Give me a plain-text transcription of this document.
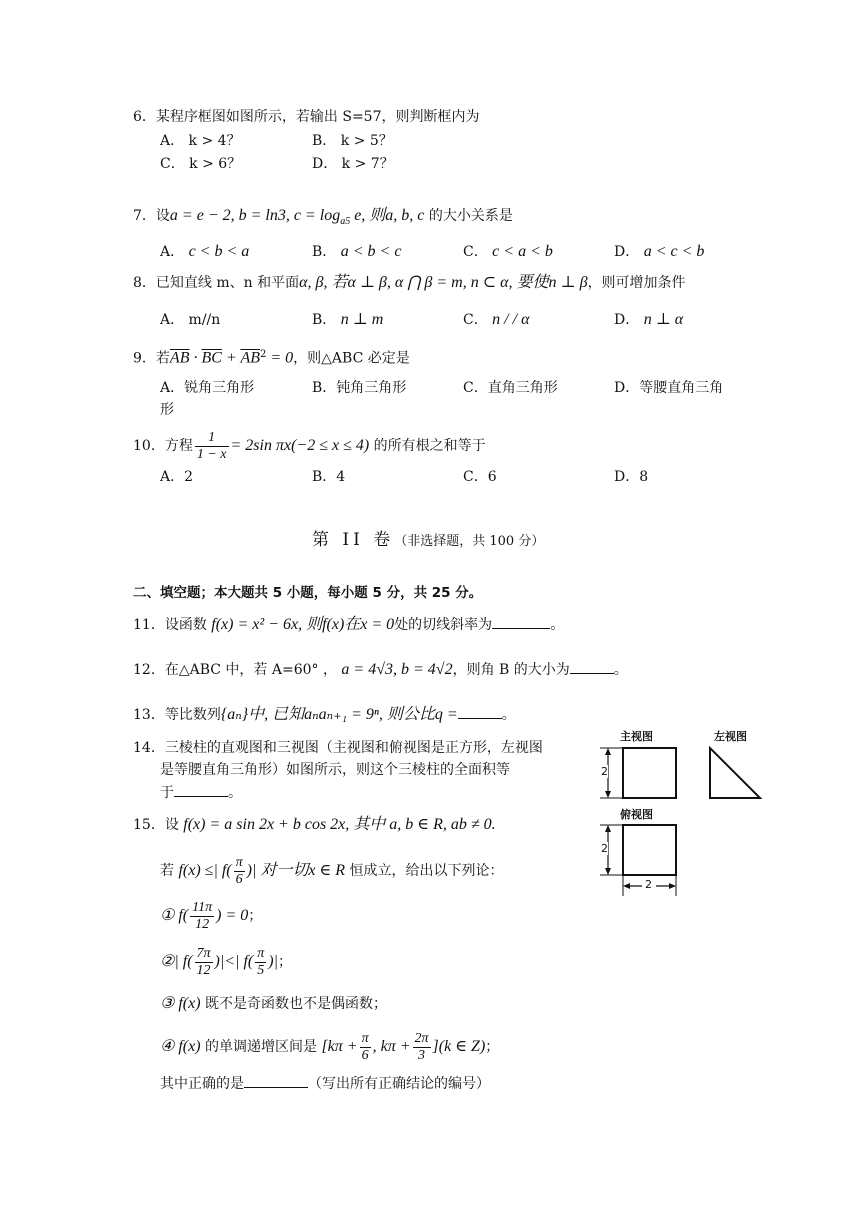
6．某程序框图如图所示，若输出 S=57，则判断框内为
A． k > 4？	B． k > 5？
C． k > 6？	D． k > 7？
7．设a = e − 2, b = ln3, $c = \log_{a5} e$, 则a, b, c 的大小关系是
A． c < b < a	B． a < b < c	C． c < a < b	D． a < c < b
8．已知直线 m、n 和平面α, β, 若α ⊥ β, α ⋂ β = m, n ⊂ α, 要使n ⊥ β，则可增加条件
A． m//n	B． n ⊥ m	C． n / / α	D． n ⊥ α
9．若$\overline{AB} \cdot \overline{BC} + \overline{AB}^2 = 0$，则△ABC 必定是
A．锐角三角形	B．钝角三角形	C．直角三角形	D．等腰直角三角
形
10．方程 $\frac{1}{1 - x} = 2\sin$ πx(−2 ≤ x ≤ 4) 的所有根之和等于
A．2	B．4	C．6	D．8
第 II 卷（非选择题，共 100 分）
二、填空题；本大题共 5 小题，每小题 5 分，共 25 分。
11．设函数 f(x) = x² − 6x, 则f(x)在x = 0处的切线斜率为	。
12．在△ABC 中，若 A=60° ， a = 4√3, b = 4√2，则角 B 的大小为	。
13．等比数列{aₙ}中, 已知aₙaₙ₊₁ = 9ⁿ, 则公比q =	。
14．三棱柱的直观图和三视图（主视图和俯视图是正方形，左视图
是等腰直角三角形）如图所示，则这个三棱柱的全面积等
于	。
15．设 f(x) = a sin 2x + b cos 2x, 其中 a, b ∈ R, ab ≠ 0.
若 f(x) ≤| $f( \frac{\pi}{6}$ )| 对一切x ∈ R 恒成立，给出以下列论：
① $f( \frac{11\pi}{12}$ ) = 0；
②| $f( \frac{7\pi}{12}$ )|<| $f( \frac{\pi}{5}$ )|；
③ f(x) 既不是奇函数也不是偶函数；
④ f(x) 的单调递增区间是 [$k\pi + \frac{\pi}{6}$ , $k\pi + \frac{2\pi}{3} ](k$ ∈ Z)；
其中正确的是	（写出所有正确结论的编号）
主视图	左视图
俯视图
2
2
2
